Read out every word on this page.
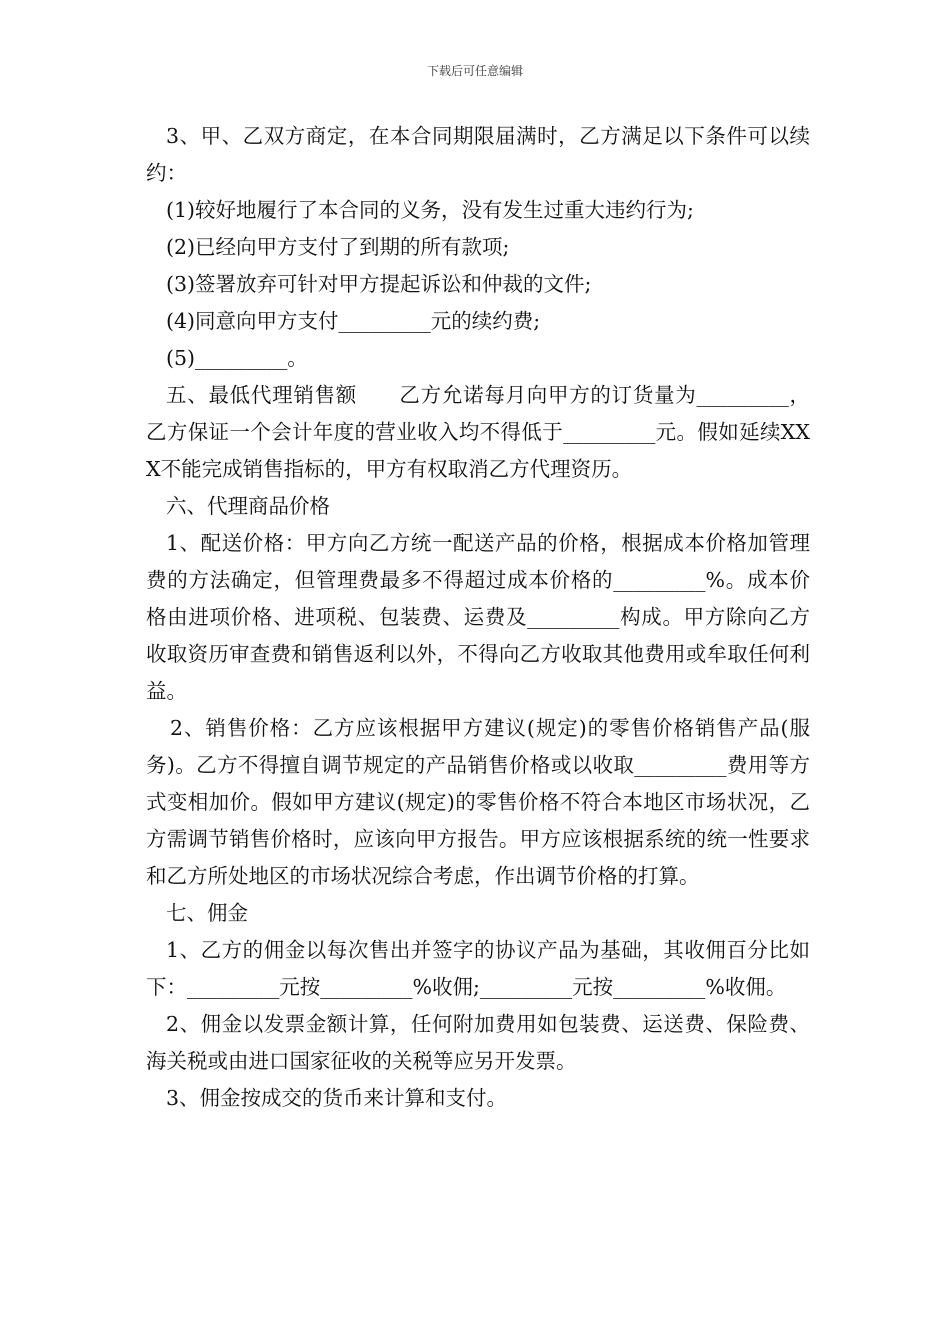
下载后可任意编辑

3、甲、乙双方商定，在本合同期限届满时，乙方满足以下条件可以续约：

(1)较好地履行了本合同的义务，没有发生过重大违约行为;

(2)已经向甲方支付了到期的所有款项;

(3)签署放弃可针对甲方提起诉讼和仲裁的文件;

(4)同意向甲方支付_________元的续约费;

(5)_________。

五、最低代理销售额　　乙方允诺每月向甲方的订货量为_________，乙方保证一个会计年度的营业收入均不得低于_________元。假如延续XXX不能完成销售指标的，甲方有权取消乙方代理资历。

六、代理商品价格

1、配送价格：甲方向乙方统一配送产品的价格，根据成本价格加管理费的方法确定，但管理费最多不得超过成本价格的_________%。成本价格由进项价格、进项税、包装费、运费及_________构成。甲方除向乙方收取资历审查费和销售返利以外，不得向乙方收取其他费用或牟取任何利益。

2、销售价格：乙方应该根据甲方建议(规定)的零售价格销售产品(服务)。乙方不得擅自调节规定的产品销售价格或以收取_________费用等方式变相加价。假如甲方建议(规定)的零售价格不符合本地区市场状况，乙方需调节销售价格时，应该向甲方报告。甲方应该根据系统的统一性要求和乙方所处地区的市场状况综合考虑，作出调节价格的打算。

七、佣金

1、乙方的佣金以每次售出并签字的协议产品为基础，其收佣百分比如下：_________元按_________%收佣;_________元按_________%收佣。

2、佣金以发票金额计算，任何附加费用如包装费、运送费、保险费、海关税或由进口国家征收的关税等应另开发票。

3、佣金按成交的货币来计算和支付。
